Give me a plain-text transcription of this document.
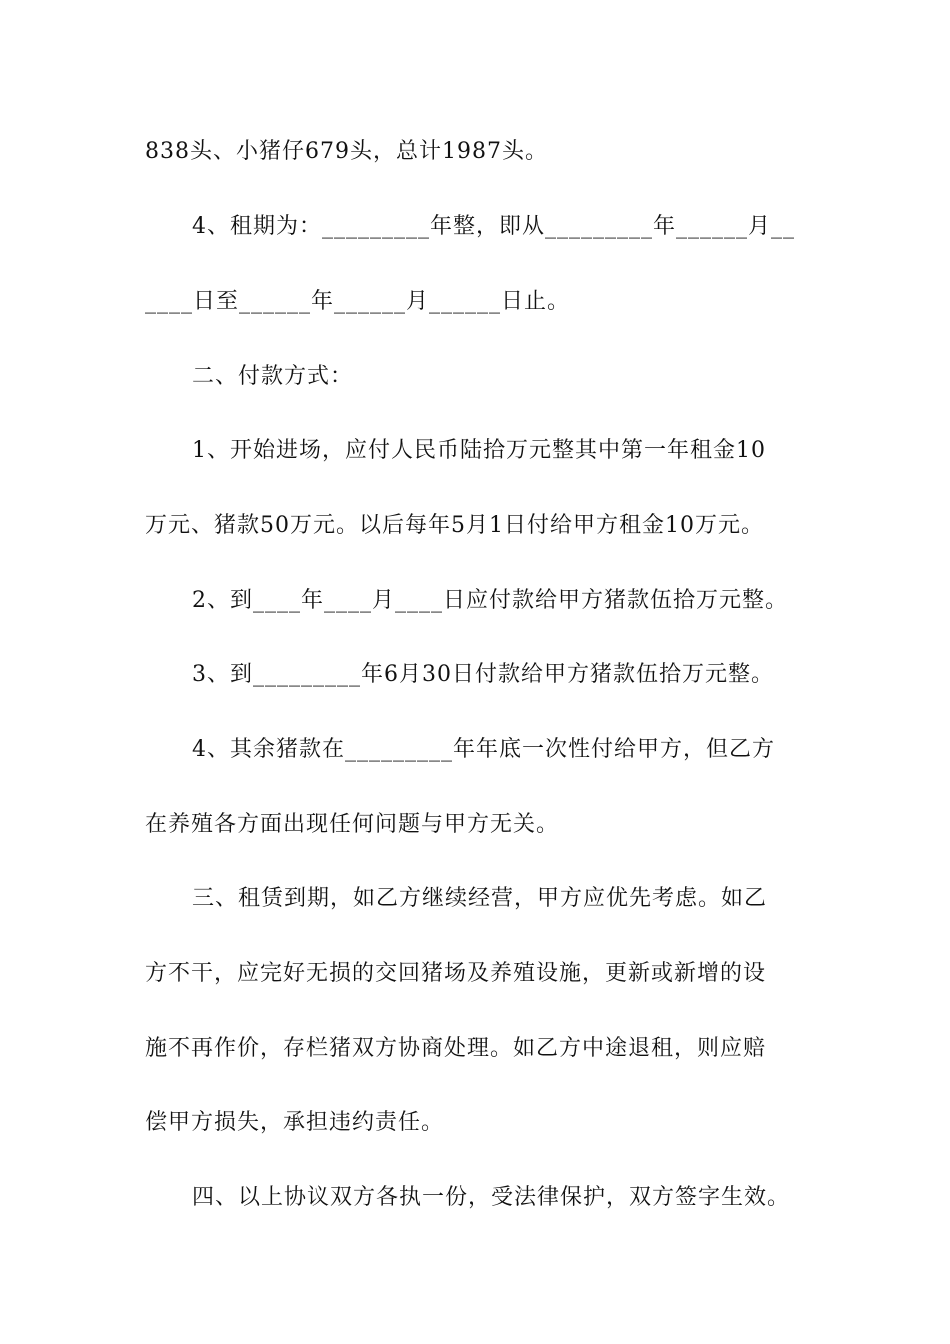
838头、小猪仔679头，总计1987头。
4、租期为：_________年整，即从_________年______月__
____日至______年______月______日止。
二、付款方式：
1、开始进场，应付人民币陆拾万元整其中第一年租金10
万元、猪款50万元。以后每年5月1日付给甲方租金10万元。
2、到____年____月____日应付款给甲方猪款伍拾万元整。
3、到_________年6月30日付款给甲方猪款伍拾万元整。
4、其余猪款在_________年年底一次性付给甲方，但乙方
在养殖各方面出现任何问题与甲方无关。
三、租赁到期，如乙方继续经营，甲方应优先考虑。如乙
方不干，应完好无损的交回猪场及养殖设施，更新或新增的设
施不再作价，存栏猪双方协商处理。如乙方中途退租，则应赔
偿甲方损失，承担违约责任。
四、以上协议双方各执一份，受法律保护，双方签字生效。
